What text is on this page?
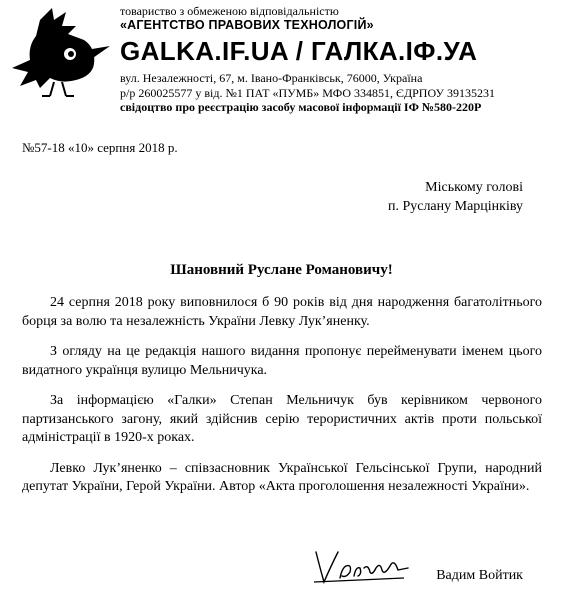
товариство з обмеженою відповідальністю
«АГЕНТСТВО ПРАВОВИХ ТЕХНОЛОГІЙ»
GALKA.IF.UA / ГАЛКА.ІФ.УА
вул. Незалежності, 67, м. Івано-Франківськ, 76000, Україна
р/р 260025577 у від. №1 ПАТ «ПУМБ» МФО 334851, ЄДРПОУ 39135231
свідоцтво про реєстрацію засобу масової інформації ІФ №580-220Р
№57-18 «10» серпня 2018 р.
Міському голові
п. Руслану Марцінківу
Шановний Руслане Романовичу!

24 серпня 2018 року виповнилося б 90 років від дня народження багатолітнього борця за волю та незалежність України Левку Лук’яненку.

З огляду на це редакція нашого видання пропонує перейменувати іменем цього видатного українця вулицю Мельничука.

За інформацією «Галки» Степан Мельничук був керівником червоного партизанського загону, який здійснив серію терористичних актів проти польської адміністрації в 1920-х роках.

Левко Лук’яненко – співзасновник Української Гельсінської Групи, народний депутат України, Герой України. Автор «Акта проголошення незалежності України».

Вадим Войтик
